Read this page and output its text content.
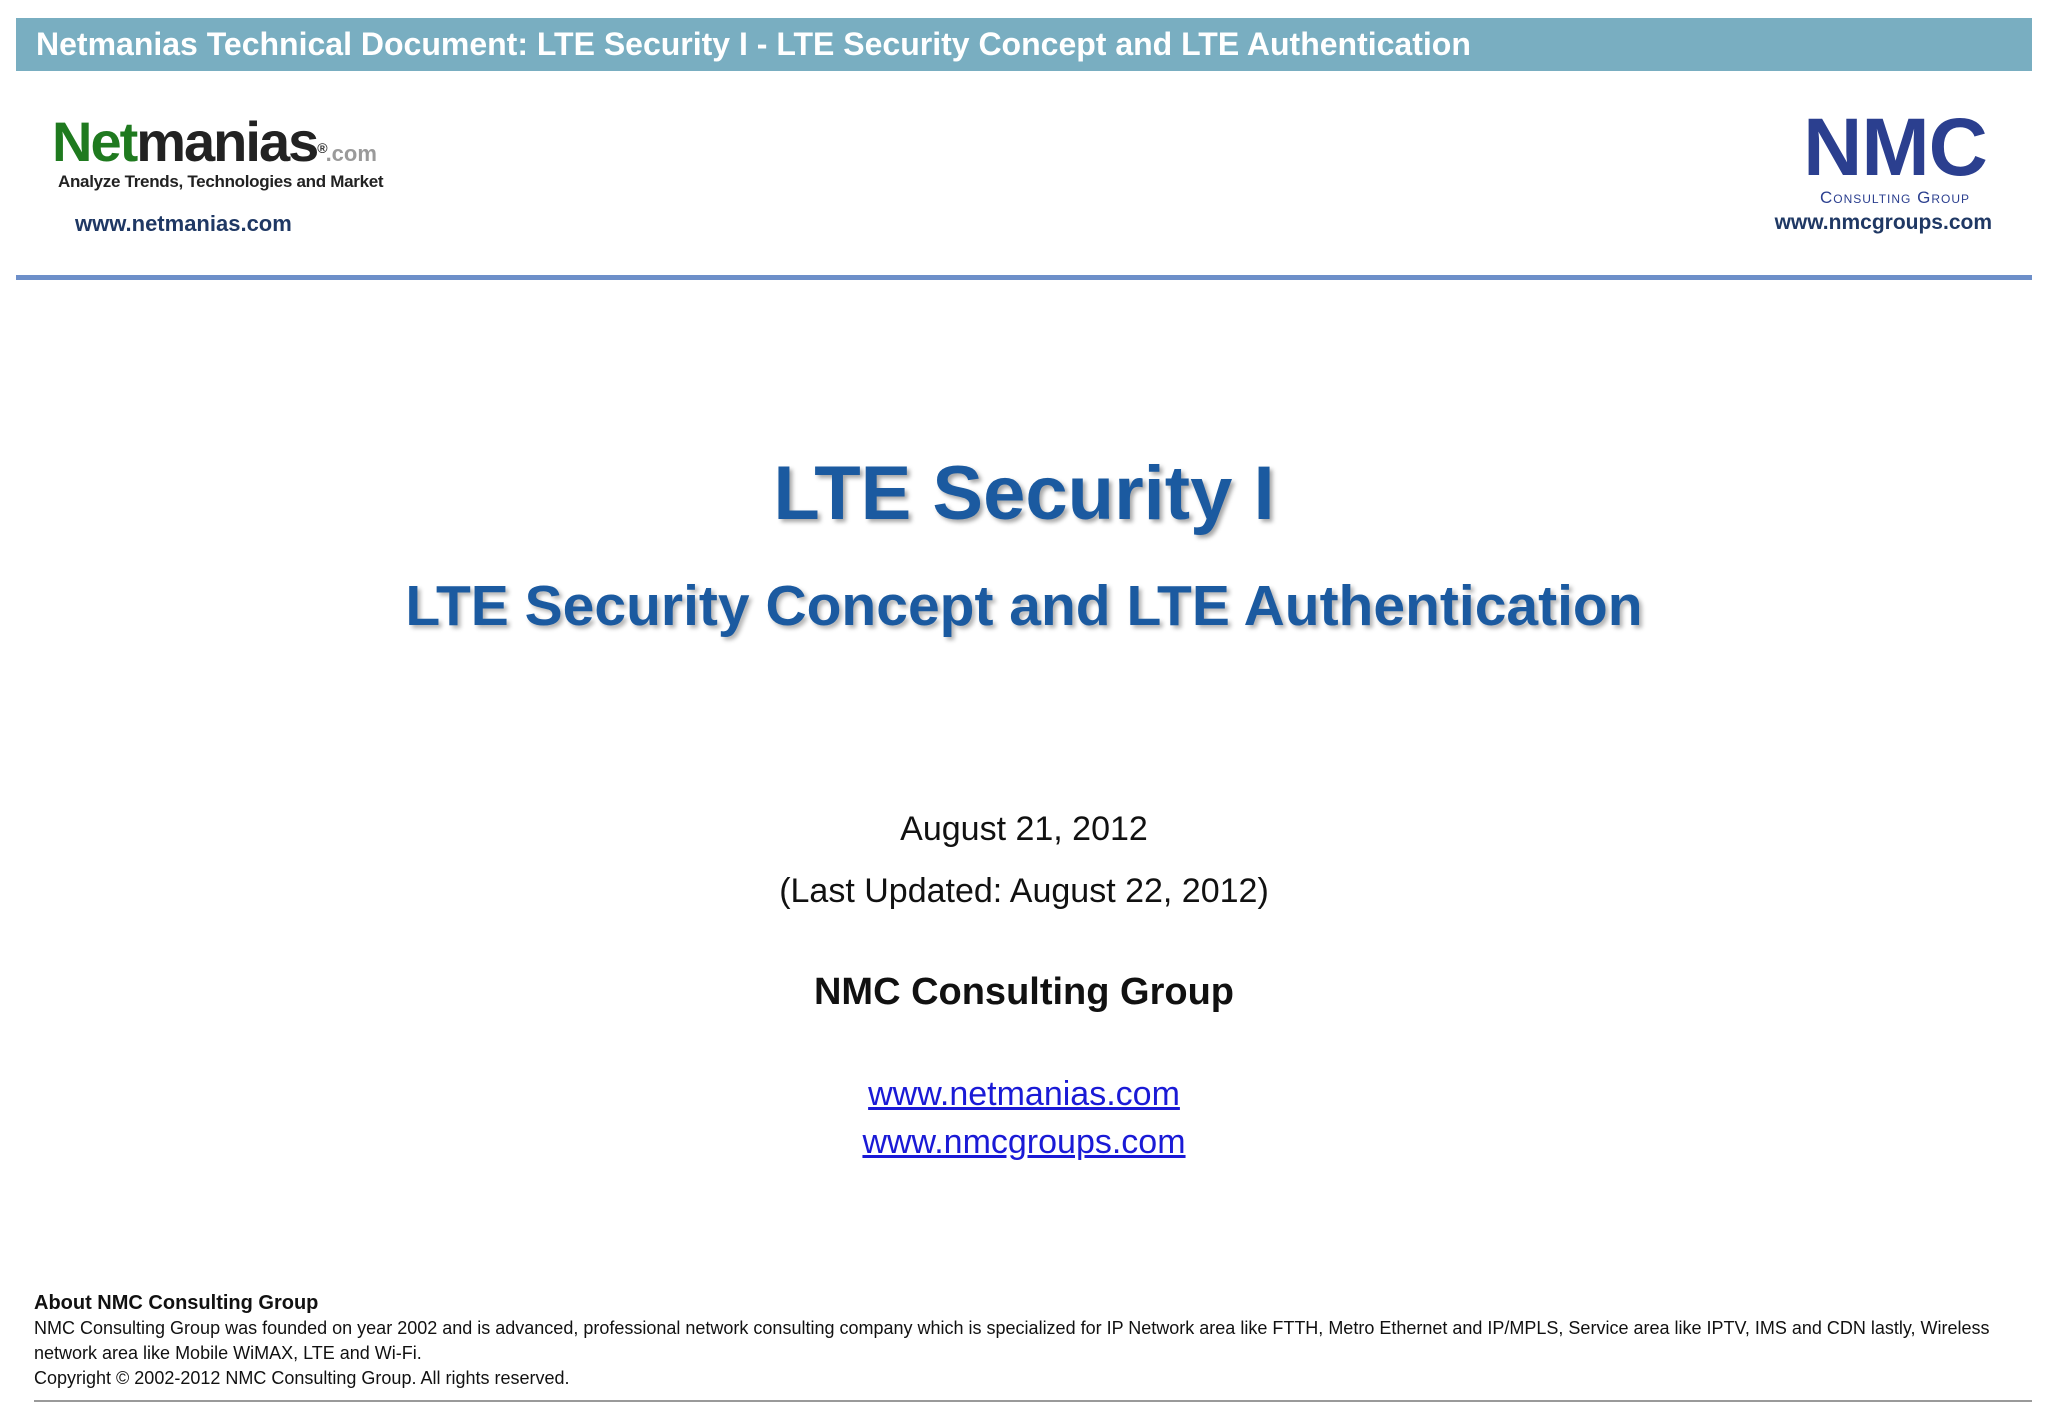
Netmanias Technical Document: LTE Security I - LTE Security Concept and LTE Authentication
Netmanias®.com
Analyze Trends, Technologies and Market
www.netmanias.com
NMC
Consulting Group
www.nmcgroups.com
LTE Security I
LTE Security Concept and LTE Authentication
August 21, 2012
(Last Updated: August 22, 2012)
NMC Consulting Group
www.netmanias.com
www.nmcgroups.com
About NMC Consulting Group
NMC Consulting Group was founded on year 2002 and is advanced, professional network consulting company which is specialized for IP Network area like FTTH, Metro Ethernet and IP/MPLS, Service area like IPTV, IMS and CDN lastly, Wireless network area like Mobile WiMAX, LTE and Wi-Fi.
Copyright © 2002-2012 NMC Consulting Group. All rights reserved.
